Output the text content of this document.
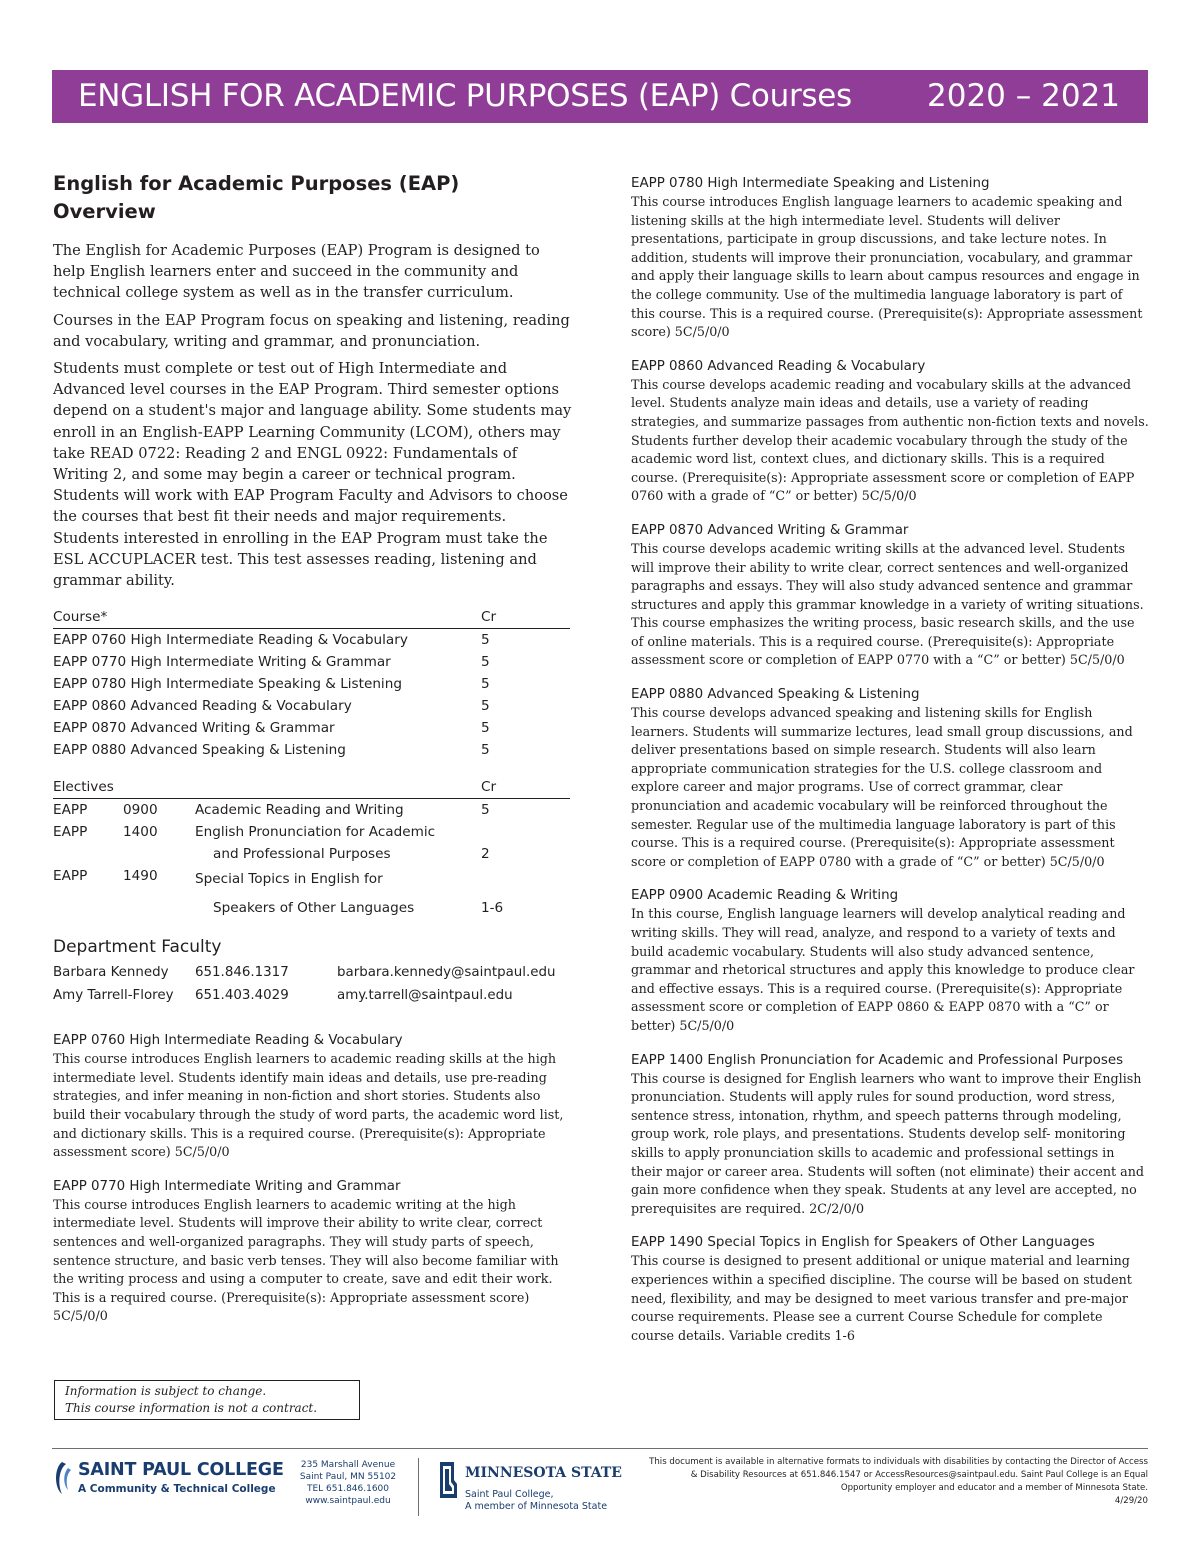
ENGLISH FOR ACADEMIC PURPOSES (EAP) Courses 2020 – 2021
English for Academic Purposes (EAP)
Overview

The English for Academic Purposes (EAP) Program is designed to help English learners enter and succeed in the community and technical college system as well as in the transfer curriculum.

Courses in the EAP Program focus on speaking and listening, reading and vocabulary, writing and grammar, and pronunciation.

Students must complete or test out of High Intermediate and Advanced level courses in the EAP Program. Third semester options depend on a student's major and language ability. Some students may enroll in an English-EAPP Learning Community (LCOM), others may take READ 0722: Reading 2 and ENGL 0922: Fundamentals of Writing 2, and some may begin a career or technical program. Students will work with EAP Program Faculty and Advisors to choose the courses that best fit their needs and major requirements. Students interested in enrolling in the EAP Program must take the ESL ACCUPLACER test. This test assesses reading, listening and grammar ability.

Course*	Cr
EAPP 0760 High Intermediate Reading & Vocabulary	5
EAPP 0770 High Intermediate Writing & Grammar	5
EAPP 0780 High Intermediate Speaking & Listening	5
EAPP 0860 Advanced Reading & Vocabulary	5
EAPP 0870 Advanced Writing & Grammar	5
EAPP 0880 Advanced Speaking & Listening	5
Electives			Cr
EAPP	0900	Academic Reading and Writing	5
EAPP	1400	English Pronunciation for Academic
and Professional Purposes	2
EAPP	1490	Special Topics in English for
Speakers of Other Languages	1-6
Department Faculty
Barbara Kennedy	651.846.1317	barbara.kennedy@saintpaul.edu
Amy Tarrell-Florey	651.403.4029	amy.tarrell@saintpaul.edu
EAPP 0760 High Intermediate Reading & Vocabulary

This course introduces English learners to academic reading skills at the high intermediate level. Students identify main ideas and details, use pre-reading strategies, and infer meaning in non-fiction and short stories. Students also build their vocabulary through the study of word parts, the academic word list, and dictionary skills. This is a required course. (Prerequisite(s): Appropriate assessment score) 5C/5/0/0

EAPP 0770 High Intermediate Writing and Grammar

This course introduces English learners to academic writing at the high intermediate level. Students will improve their ability to write clear, correct sentences and well-organized paragraphs. They will study parts of speech, sentence structure, and basic verb tenses. They will also become familiar with the writing process and using a computer to create, save and edit their work. This is a required course. (Prerequisite(s): Appropriate assessment score) 5C/5/0/0

Information is subject to change.
This course information is not a contract.
EAPP 0780 High Intermediate Speaking and Listening

This course introduces English language learners to academic speaking and listening skills at the high intermediate level. Students will deliver presentations, participate in group discussions, and take lecture notes. In addition, students will improve their pronunciation, vocabulary, and grammar and apply their language skills to learn about campus resources and engage in the college community. Use of the multimedia language laboratory is part of this course. This is a required course. (Prerequisite(s): Appropriate assessment score) 5C/5/0/0

EAPP 0860 Advanced Reading & Vocabulary

This course develops academic reading and vocabulary skills at the advanced level. Students analyze main ideas and details, use a variety of reading strategies, and summarize passages from authentic non-fiction texts and novels. Students further develop their academic vocabulary through the study of the academic word list, context clues, and dictionary skills. This is a required course. (Prerequisite(s): Appropriate assessment score or completion of EAPP 0760 with a grade of “C” or better) 5C/5/0/0

EAPP 0870 Advanced Writing & Grammar

This course develops academic writing skills at the advanced level. Students will improve their ability to write clear, correct sentences and well-organized paragraphs and essays. They will also study advanced sentence and grammar structures and apply this grammar knowledge in a variety of writing situations. This course emphasizes the writing process, basic research skills, and the use of online materials. This is a required course. (Prerequisite(s): Appropriate assessment score or completion of EAPP 0770 with a “C” or better) 5C/5/0/0

EAPP 0880 Advanced Speaking & Listening

This course develops advanced speaking and listening skills for English learners. Students will summarize lectures, lead small group discussions, and deliver presentations based on simple research. Students will also learn appropriate communication strategies for the U.S. college classroom and explore career and major programs. Use of correct grammar, clear pronunciation and academic vocabulary will be reinforced throughout the semester. Regular use of the multimedia language laboratory is part of this course. This is a required course. (Prerequisite(s): Appropriate assessment score or completion of EAPP 0780 with a grade of “C” or better) 5C/5/0/0

EAPP 0900 Academic Reading & Writing

In this course, English language learners will develop analytical reading and writing skills. They will read, analyze, and respond to a variety of texts and build academic vocabulary. Students will also study advanced sentence, grammar and rhetorical structures and apply this knowledge to produce clear and effective essays. This is a required course. (Prerequisite(s): Appropriate assessment score or completion of EAPP 0860 & EAPP 0870 with a “C” or better) 5C/5/0/0

EAPP 1400 English Pronunciation for Academic and Professional Purposes

This course is designed for English learners who want to improve their English pronunciation. Students will apply rules for sound production, word stress, sentence stress, intonation, rhythm, and speech patterns through modeling, group work, role plays, and presentations. Students develop self- monitoring skills to apply pronunciation skills to academic and professional settings in their major or career area. Students will soften (not eliminate) their accent and gain more confidence when they speak. Students at any level are accepted, no prerequisites are required. 2C/2/0/0

EAPP 1490 Special Topics in English for Speakers of Other Languages

This course is designed to present additional or unique material and learning experiences within a specified discipline. The course will be based on student need, flexibility, and may be designed to meet various transfer and pre-major course requirements. Please see a current Course Schedule for complete course details. Variable credits 1-6

SAINT PAUL COLLEGE
A Community & Technical College
235 Marshall Avenue
Saint Paul, MN 55102
TEL 651.846.1600
www.saintpaul.edu
MINNESOTA STATE
Saint Paul College,
A member of Minnesota State
This document is available in alternative formats to individuals with disabilities by contacting the Director of Access & Disability Resources at 651.846.1547 or AccessResources@saintpaul.edu. Saint Paul College is an Equal Opportunity employer and educator and a member of Minnesota State.
4/29/20
